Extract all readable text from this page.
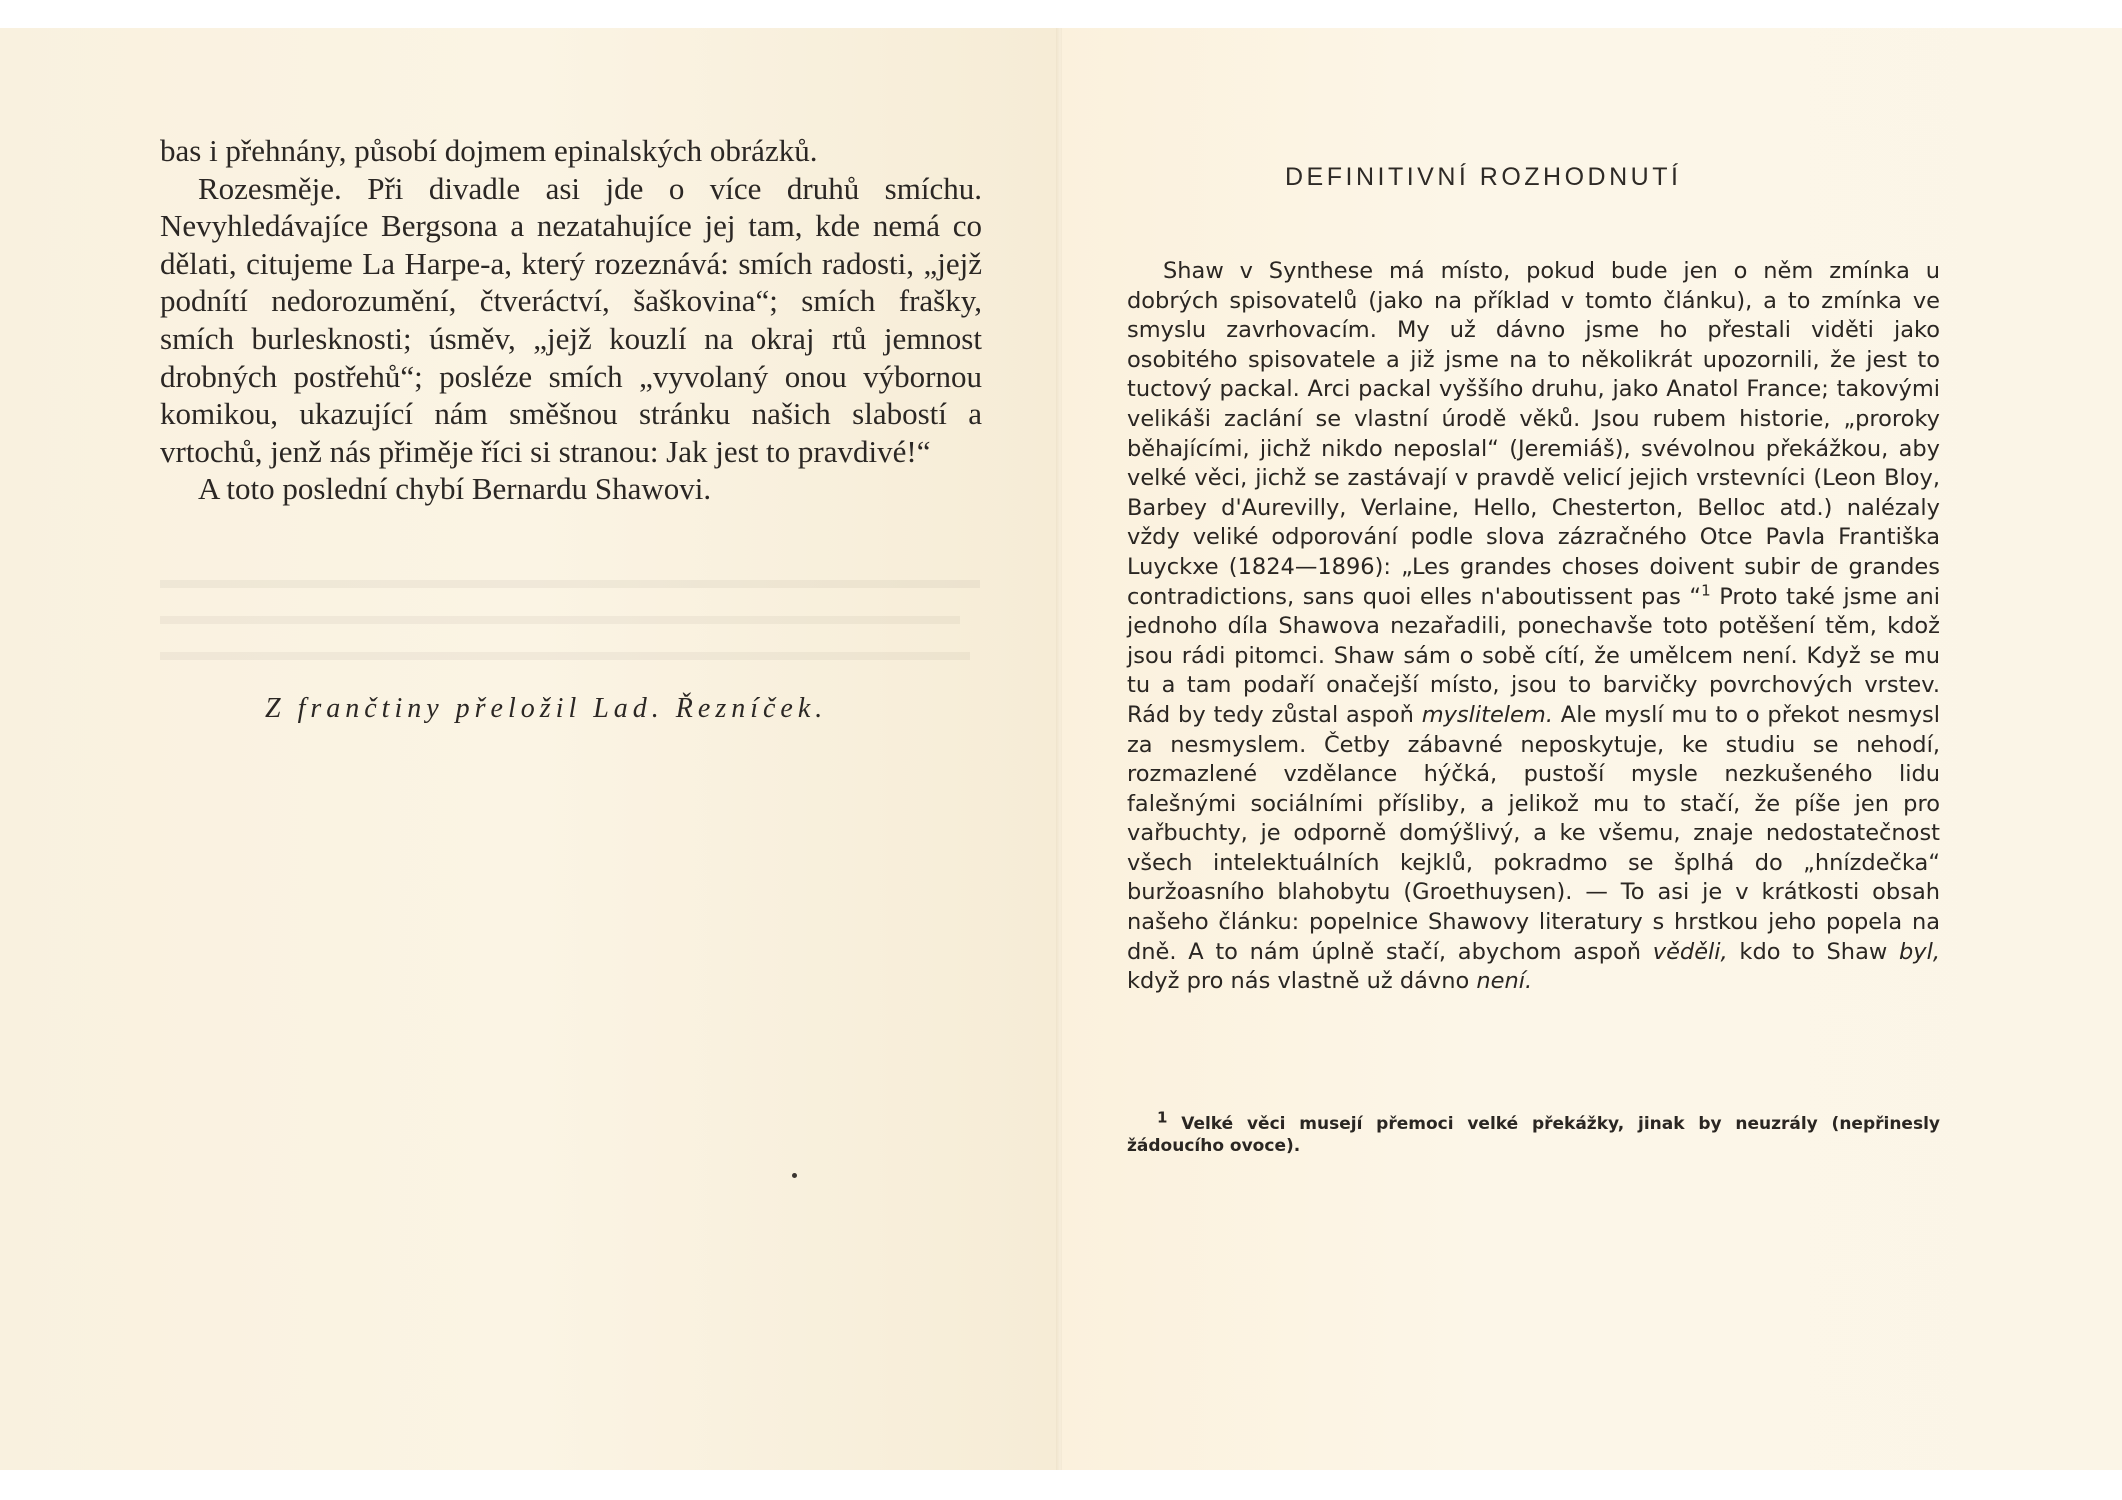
bas i přehnány, působí dojmem epinalských obrázků.

Rozesměje. Při divadle asi jde o více druhů smíchu. Nevyhledávajíce Bergsona a nezatahujíce jej tam, kde nemá co dělati, citujeme La Harpe-a, který rozeznává: smích radosti, „jejž podnítí nedorozumění, čtveráctví, šaškovina“; smích frašky, smích burlesknosti; úsměv, „jejž kouzlí na okraj rtů jemnost drobných postřehů“; posléze smích „vyvolaný onou výbornou komikou, ukazující nám směšnou stránku našich slabostí a vrtochů, jenž nás přiměje říci si stranou: Jak jest to pravdivé!“

A toto poslední chybí Bernardu Shawovi.

Z frančtiny přeložil Lad. Řezníček.
DEFINITIVNÍ ROZHODNUTÍ

Shaw v Synthese má místo, pokud bude jen o něm zmínka u dobrých spisovatelů (jako na příklad v tomto článku), a to zmínka ve smyslu zavrhovacím. My už dávno jsme ho přestali viděti jako osobitého spisovatele a již jsme na to několikrát upozornili, že jest to tuctový packal. Arci packal vyššího druhu, jako Anatol France; takovými velikáši zaclání se vlastní úrodě věků. Jsou rubem historie, „proroky běhajícími, jichž nikdo neposlal“ (Jeremiáš), svévolnou překážkou, aby velké věci, jichž se zastávají v pravdě velicí jejich vrstevníci (Leon Bloy, Barbey d'Aurevilly, Verlaine, Hello, Chesterton, Belloc atd.) nalézaly vždy veliké odporování podle slova zázračného Otce Pavla Františka Luyckxe (1824—1896): „Les grandes choses doivent subir de grandes contradictions, sans quoi elles n'aboutissent pas “$^1$ Proto také jsme ani jednoho díla Shawova nezařadili, ponechavše toto potěšení těm, kdož jsou rádi pitomci. Shaw sám o sobě cítí, že umělcem není. Když se mu tu a tam podaří onačejší místo, jsou to barvičky povrchových vrstev. Rád by tedy zůstal aspoň myslitelem. Ale myslí mu to o překot nesmysl za nesmyslem. Četby zábavné neposkytuje, ke studiu se nehodí, rozmazlené vzdělance hýčká, pustoší mysle nezkušeného lidu falešnými sociálními přísliby, a jelikož mu to stačí, že píše jen pro vařbuchty, je odporně domýšlivý, a ke všemu, znaje nedostatečnost všech intelektuálních kejklů, pokradmo se šplhá do „hnízdečka“ buržoasního blahobytu (Groethuysen). — To asi je v krátkosti obsah našeho článku: popelnice Shawovy literatury s hrstkou jeho popela na dně. A to nám úplně stačí, abychom aspoň věděli, kdo to Shaw byl, když pro nás vlastně už dávno není.

1 Velké věci musejí přemoci velké překážky, jinak by neuzrály (nepřinesly žádoucího ovoce).
